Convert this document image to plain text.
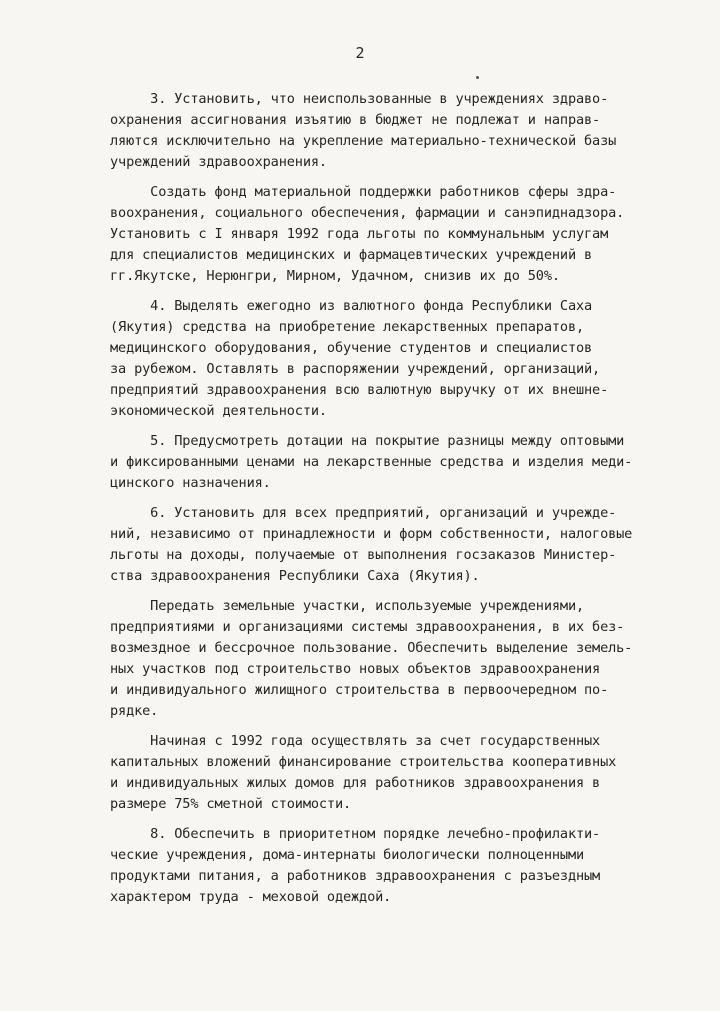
2
3. Установить, что неиспользованные в учреждениях здраво-
охранения ассигнования изъятию в бюджет не подлежат и направ-
ляются исключительно на укрепление материально-технической базы
учреждений здравоохранения.
Создать фонд материальной поддержки работников сферы здра-
воохранения, социального обеспечения, фармации и санэпиднадзора.
Установить с I января 1992 года льготы по коммунальным услугам
для специалистов медицинских и фармацевтических учреждений в
гг.Якутске, Нерюнгри, Мирном, Удачном, снизив их до 50%.
4. Выделять ежегодно из валютного фонда Республики Саха
(Якутия) средства на приобретение лекарственных препаратов,
медицинского оборудования, обучение студентов и специалистов
за рубежом. Оставлять в распоряжении учреждений, организаций,
предприятий здравоохранения всю валютную выручку от их внешне-
экономической деятельности.
5. Предусмотреть дотации на покрытие разницы между оптовыми
и фиксированными ценами на лекарственные средства и изделия меди-
цинского назначения.
6. Установить для всех предприятий, организаций и учрежде-
ний, независимо от принадлежности и форм собственности, налоговые
льготы на доходы, получаемые от выполнения госзаказов Министер-
ства здравоохранения Республики Саха (Якутия).
Передать земельные участки, используемые учреждениями,
предприятиями и организациями системы здравоохранения, в их без-
возмездное и бессрочное пользование. Обеспечить выделение земель-
ных участков под строительство новых объектов здравоохранения
и индивидуального жилищного строительства в первоочередном по-
рядке.
Начиная с 1992 года осуществлять за счет государственных
капитальных вложений финансирование строительства кооперативных
и индивидуальных жилых домов для работников здравоохранения в
размере 75% сметной стоимости.
8. Обеспечить в приоритетном порядке лечебно-профилакти-
ческие учреждения, дома-интернаты биологически полноценными
продуктами питания, а работников здравоохранения с разъездным
характером труда - меховой одеждой.
